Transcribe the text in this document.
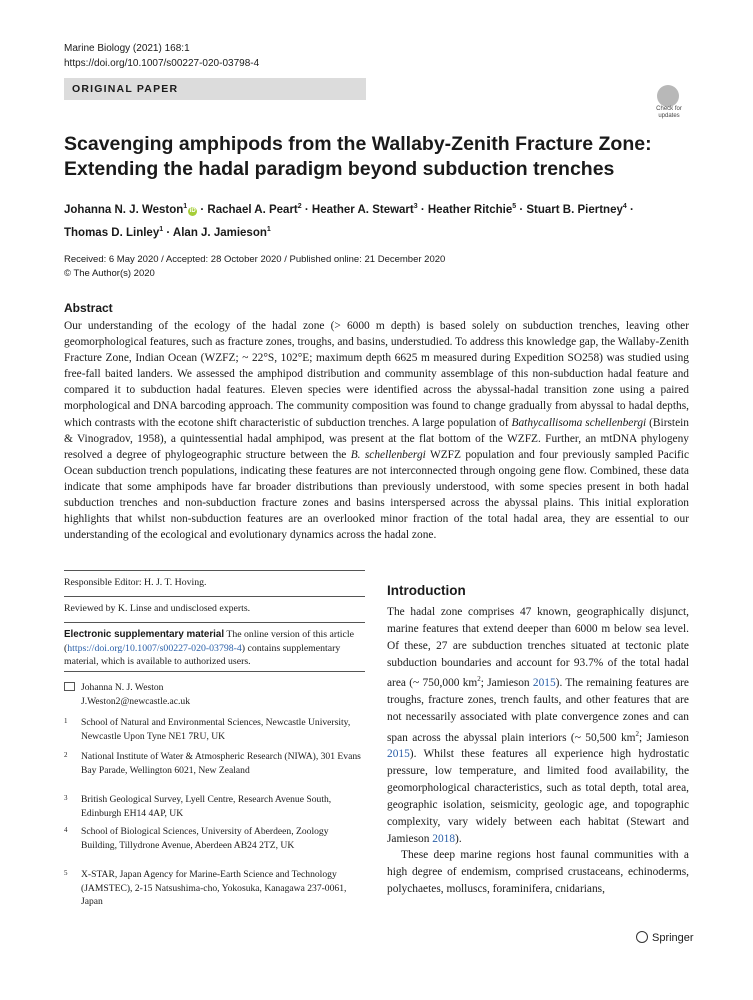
Marine Biology (2021) 168:1
https://doi.org/10.1007/s00227-020-03798-4
ORIGINAL PAPER
Check for
updates
Scavenging amphipods from the Wallaby-Zenith Fracture Zone:
Extending the hadal paradigm beyond subduction trenches
Johanna N. J. Weston$^1$iD · Rachael A. Peart$^2$ · Heather A. Stewart$^3$ · Heather Ritchie$^5$ · Stuart B. Piertney$^4$ ·
Thomas D. Linley$^1$ · Alan J. Jamieson$^1$
Received: 6 May 2020 / Accepted: 28 October 2020 / Published online: 21 December 2020
© The Author(s) 2020
Abstract

Our understanding of the ecology of the hadal zone (> 6000 m depth) is based solely on subduction trenches, leaving other geomorphological features, such as fracture zones, troughs, and basins, understudied. To address this knowledge gap, the Wallaby-Zenith Fracture Zone, Indian Ocean (WZFZ; ~ 22°S, 102°E; maximum depth 6625 m measured during Expedition SO258) was studied using free-fall baited landers. We assessed the amphipod distribution and community assemblage of this non-subduction hadal feature and compared it to subduction hadal features. Eleven species were identified across the abyssal-hadal transition zone using a paired morphological and DNA barcoding approach. The community composition was found to change gradually from abyssal to hadal depths, which contrasts with the ecotone shift characteristic of subduction trenches. A large population of Bathycallisoma schellenbergi (Birstein & Vinogradov, 1958), a quintessential hadal amphipod, was present at the flat bottom of the WZFZ. Further, an mtDNA phylogeny resolved a degree of phylogeographic structure between the B. schellenbergi WZFZ population and four previously sampled Pacific Ocean subduction trench populations, indicating these features are not interconnected through ongoing gene flow. Combined, these data indicate that some amphipods have far broader distributions than previously understood, with some species present in both hadal subduction trenches and non-subduction fracture zones and basins interspersed across the abyssal plains. This initial exploration highlights that whilst non-subduction features are an overlooked minor fraction of the total hadal area, they are essential to our understanding of the ecological and evolutionary dynamics across the hadal zone.

Responsible Editor: H. J. T. Hoving.
Reviewed by K. Linse and undisclosed experts.
Electronic supplementary material The online version of this article (https://doi.org/10.1007/s00227-020-03798-4) contains supplementary material, which is available to authorized users.
Johanna N. J. Weston
J.Weston2@newcastle.ac.uk
1 School of Natural and Environmental Sciences, Newcastle University, Newcastle Upon Tyne NE1 7RU, UK
2 National Institute of Water & Atmospheric Research (NIWA), 301 Evans Bay Parade, Wellington 6021, New Zealand
3 British Geological Survey, Lyell Centre, Research Avenue South, Edinburgh EH14 4AP, UK
4 School of Biological Sciences, University of Aberdeen, Zoology Building, Tillydrone Avenue, Aberdeen AB24 2TZ, UK
5 X-STAR, Japan Agency for Marine-Earth Science and Technology (JAMSTEC), 2-15 Natsushima-cho, Yokosuka, Kanagawa 237-0061, Japan
Introduction

The hadal zone comprises 47 known, geographically disjunct, marine features that extend deeper than 6000 m below sea level. Of these, 27 are subduction trenches situated at tectonic plate subduction boundaries and account for 93.7% of the total hadal area (~ 750,000 $km^2$; Jamieson 2015). The remaining features are troughs, fracture zones, trench faults, and other features that are not necessarily associated with plate convergence zones and can span across the abyssal plain interiors (~ 50,500 $km^2$; Jamieson 2015). Whilst these features all experience high hydrostatic pressure, low temperature, and limited food availability, the geomorphological characteristics, such as total depth, total area, geographic isolation, seismicity, geologic age, and topographic complexity, vary widely between each habitat (Stewart and Jamieson 2018).

These deep marine regions host faunal communities with a high degree of endemism, comprised crustaceans, echinoderms, polychaetes, molluscs, foraminifera, cnidarians,

Springer
